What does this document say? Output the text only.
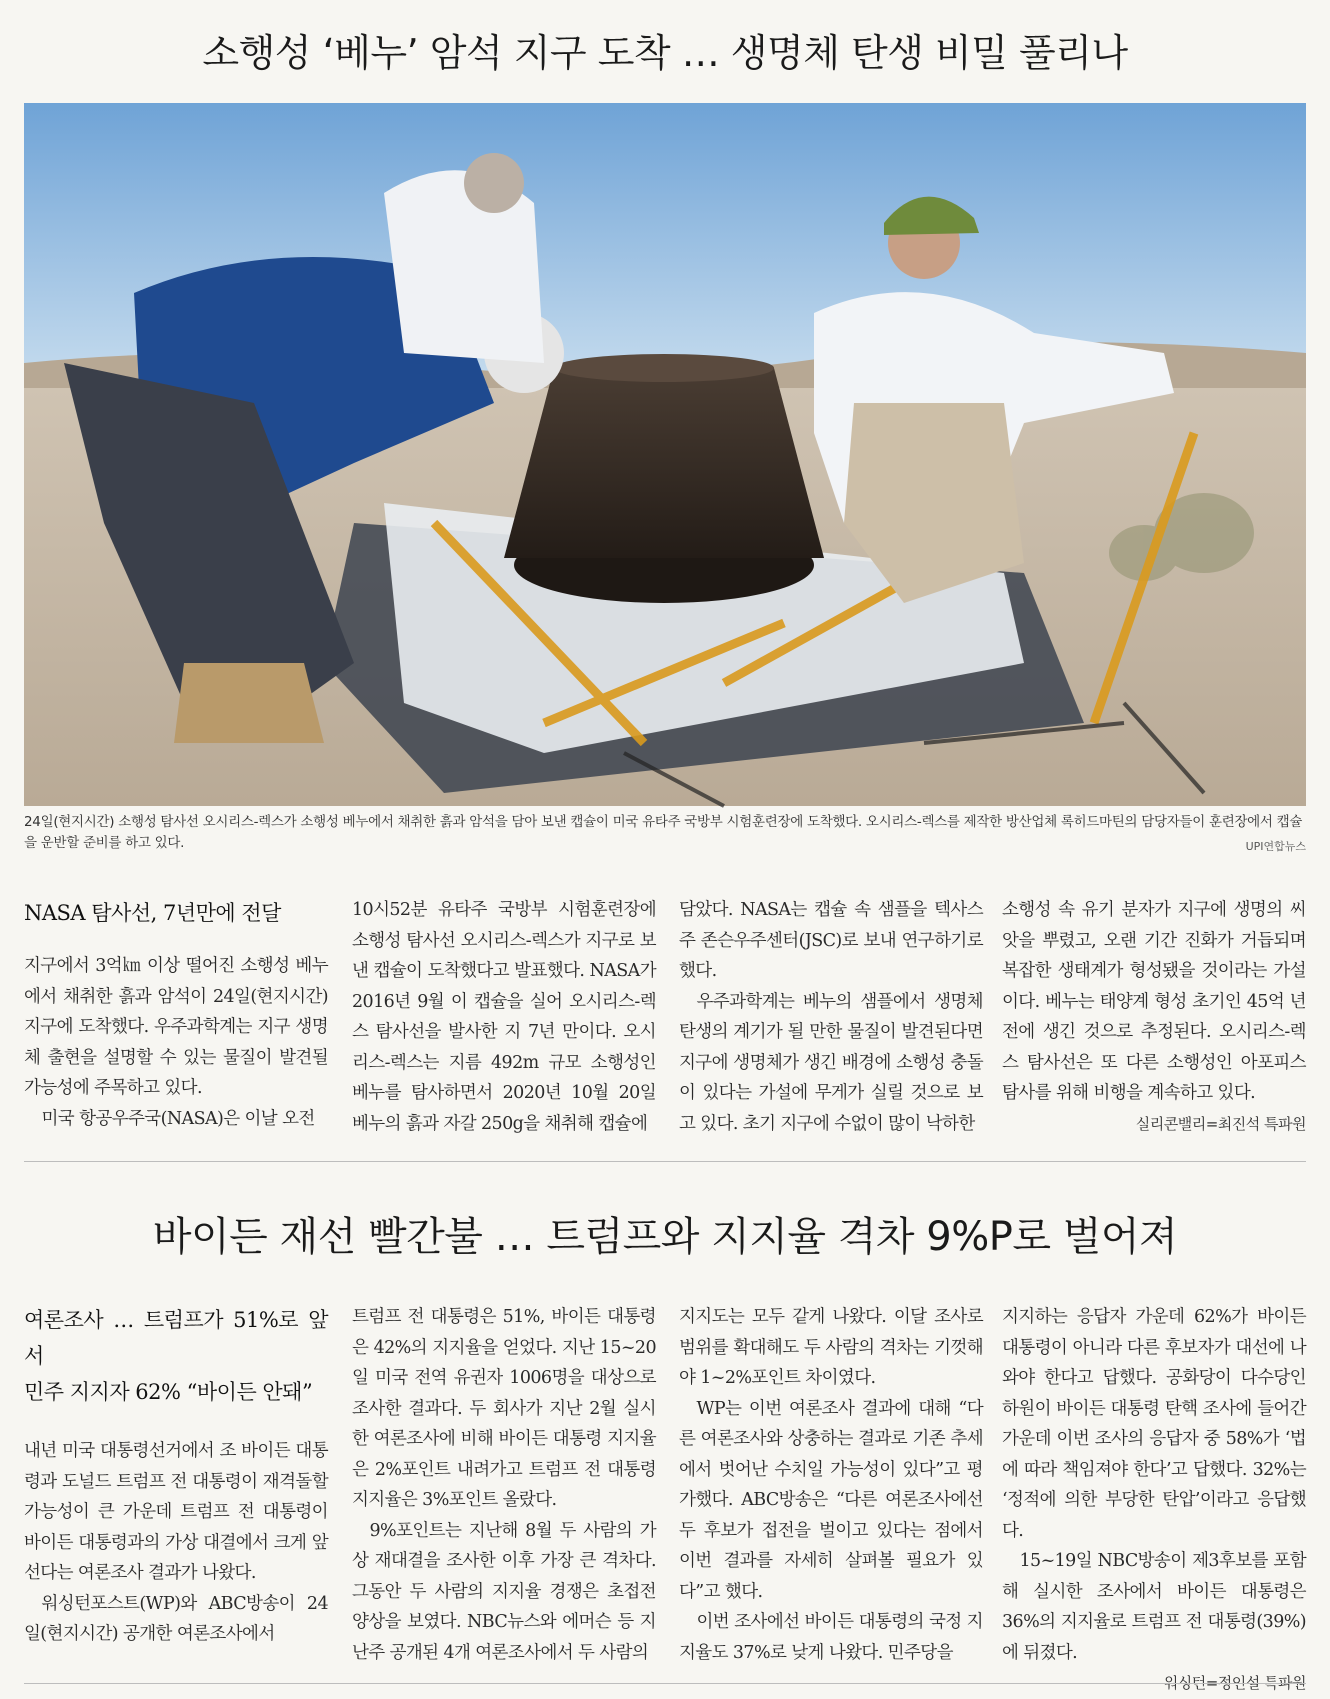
소행성 ‘베누’ 암석 지구 도착 … 생명체 탄생 비밀 풀리나
24일(현지시간) 소행성 탐사선 오시리스-렉스가 소행성 베누에서 채취한 흙과 암석을 담아 보낸 캡슐이 미국 유타주 국방부 시험훈련장에 도착했다. 오시리스-렉스를 제작한 방산업체 록히드마틴의 담당자들이 훈련장에서 캡슐을 운반할 준비를 하고 있다.	UPI연합뉴스
NASA 탐사선, 7년만에 전달

지구에서 3억㎞ 이상 떨어진 소행성 베누에서 채취한 흙과 암석이 24일(현지시간) 지구에 도착했다. 우주과학계는 지구 생명체 출현을 설명할 수 있는 물질이 발견될 가능성에 주목하고 있다.

미국 항공우주국(NASA)은 이날 오전

10시52분 유타주 국방부 시험훈련장에 소행성 탐사선 오시리스-렉스가 지구로 보낸 캡슐이 도착했다고 발표했다. NASA가 2016년 9월 이 캡슐을 실어 오시리스-렉스 탐사선을 발사한 지 7년 만이다. 오시리스-렉스는 지름 492m 규모 소행성인 베누를 탐사하면서 2020년 10월 20일 베누의 흙과 자갈 250g을 채취해 캡슐에

담았다. NASA는 캡슐 속 샘플을 텍사스주 존슨우주센터(JSC)로 보내 연구하기로 했다.

우주과학계는 베누의 샘플에서 생명체 탄생의 계기가 될 만한 물질이 발견된다면 지구에 생명체가 생긴 배경에 소행성 충돌이 있다는 가설에 무게가 실릴 것으로 보고 있다. 초기 지구에 수없이 많이 낙하한

소행성 속 유기 분자가 지구에 생명의 씨앗을 뿌렸고, 오랜 기간 진화가 거듭되며 복잡한 생태계가 형성됐을 것이라는 가설이다. 베누는 태양계 형성 초기인 45억 년 전에 생긴 것으로 추정된다. 오시리스-렉스 탐사선은 또 다른 소행성인 아포피스 탐사를 위해 비행을 계속하고 있다.

실리콘밸리=최진석 특파원
바이든 재선 빨간불 … 트럼프와 지지율 격차 9%P로 벌어져
여론조사 … 트럼프가 51%로 앞서
민주 지지자 62% “바이든 안돼”

내년 미국 대통령선거에서 조 바이든 대통령과 도널드 트럼프 전 대통령이 재격돌할 가능성이 큰 가운데 트럼프 전 대통령이 바이든 대통령과의 가상 대결에서 크게 앞선다는 여론조사 결과가 나왔다.

워싱턴포스트(WP)와 ABC방송이 24일(현지시간) 공개한 여론조사에서

트럼프 전 대통령은 51%, 바이든 대통령은 42%의 지지율을 얻었다. 지난 15~20일 미국 전역 유권자 1006명을 대상으로 조사한 결과다. 두 회사가 지난 2월 실시한 여론조사에 비해 바이든 대통령 지지율은 2%포인트 내려가고 트럼프 전 대통령 지지율은 3%포인트 올랐다.

9%포인트는 지난해 8월 두 사람의 가상 재대결을 조사한 이후 가장 큰 격차다. 그동안 두 사람의 지지율 경쟁은 초접전 양상을 보였다. NBC뉴스와 에머슨 등 지난주 공개된 4개 여론조사에서 두 사람의

지지도는 모두 같게 나왔다. 이달 조사로 범위를 확대해도 두 사람의 격차는 기껏해야 1~2%포인트 차이였다.

WP는 이번 여론조사 결과에 대해 “다른 여론조사와 상충하는 결과로 기존 추세에서 벗어난 수치일 가능성이 있다”고 평가했다. ABC방송은 “다른 여론조사에선 두 후보가 접전을 벌이고 있다는 점에서 이번 결과를 자세히 살펴볼 필요가 있다”고 했다.

이번 조사에선 바이든 대통령의 국정 지지율도 37%로 낮게 나왔다. 민주당을

지지하는 응답자 가운데 62%가 바이든 대통령이 아니라 다른 후보자가 대선에 나와야 한다고 답했다. 공화당이 다수당인 하원이 바이든 대통령 탄핵 조사에 들어간 가운데 이번 조사의 응답자 중 58%가 ‘법에 따라 책임져야 한다’고 답했다. 32%는 ‘정적에 의한 부당한 탄압’이라고 응답했다.

15~19일 NBC방송이 제3후보를 포함해 실시한 조사에서 바이든 대통령은 36%의 지지율로 트럼프 전 대통령(39%)에 뒤졌다.

워싱턴=정인설 특파원
